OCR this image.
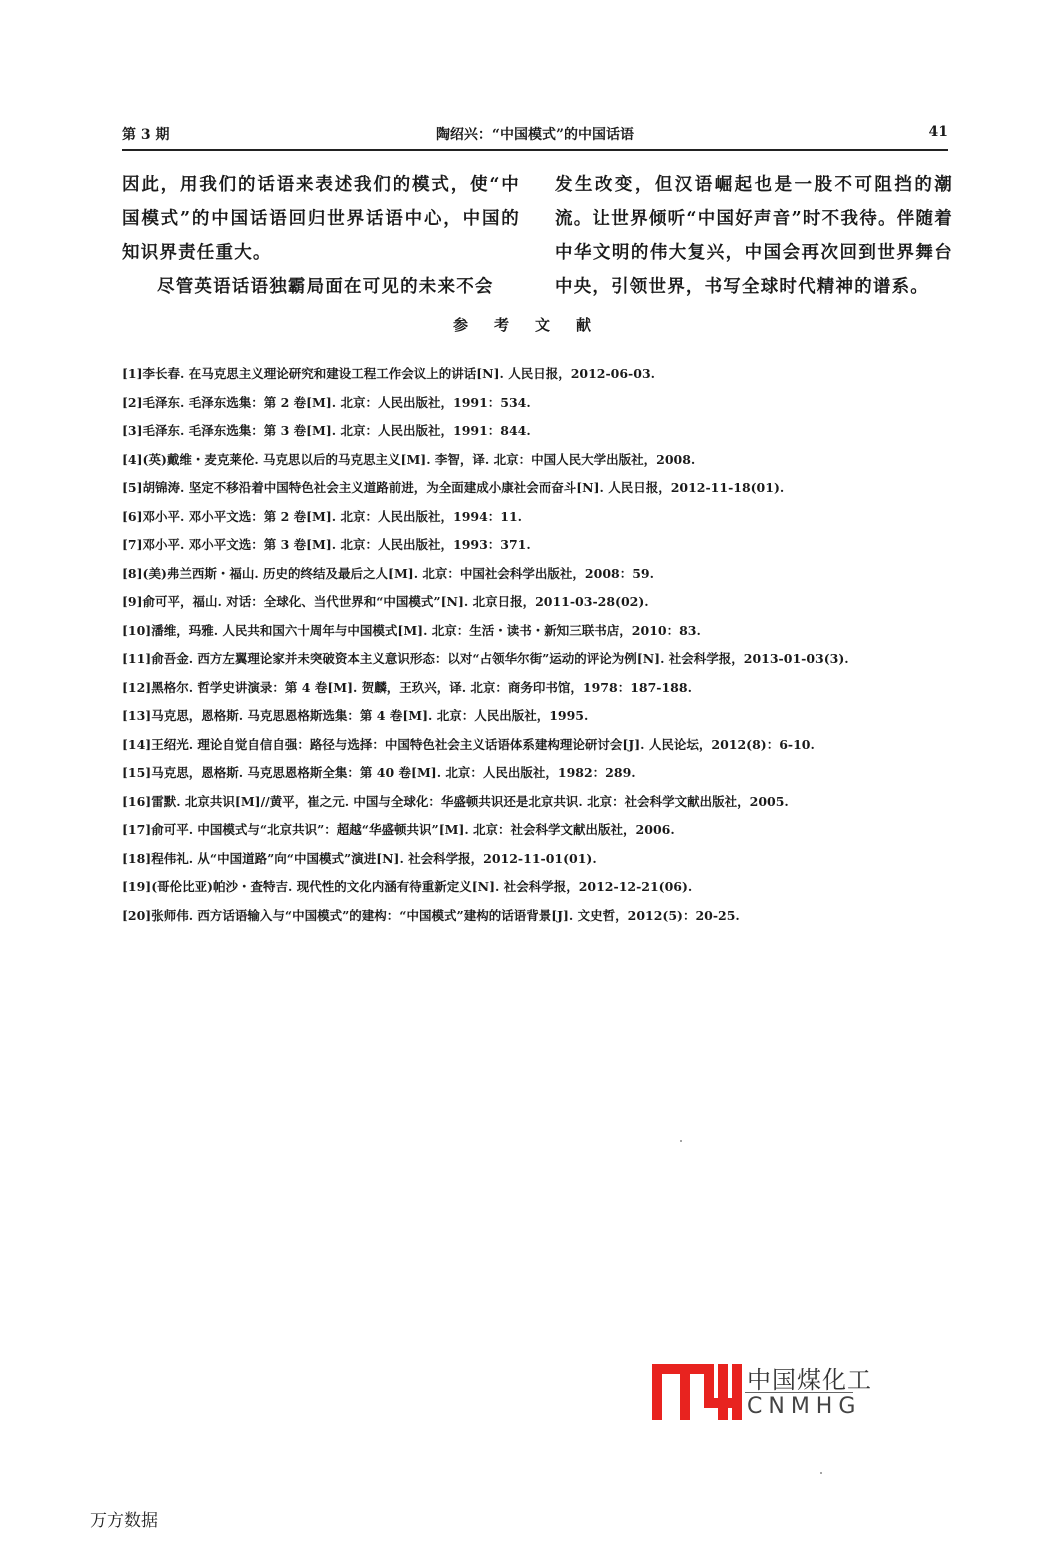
第 3 期	陶绍兴：“中国模式”的中国话语	41

因此，用我们的话语来表述我们的模式，使“中国模式”的中国话语回归世界话语中心，中国的知识界责任重大。

尽管英语话语独霸局面在可见的未来不会

发生改变，但汉语崛起也是一股不可阻挡的潮流。让世界倾听“中国好声音”时不我待。伴随着中华文明的伟大复兴，中国会再次回到世界舞台中央，引领世界，书写全球时代精神的谱系。

参考文献
[1]李长春. 在马克思主义理论研究和建设工程工作会议上的讲话[N]. 人民日报，2012-06-03.
[2]毛泽东. 毛泽东选集：第 2 卷[M]. 北京：人民出版社，1991：534.
[3]毛泽东. 毛泽东选集：第 3 卷[M]. 北京：人民出版社，1991：844.
[4](英)戴维・麦克莱伦. 马克思以后的马克思主义[M]. 李智，译. 北京：中国人民大学出版社，2008.
[5]胡锦涛. 坚定不移沿着中国特色社会主义道路前进，为全面建成小康社会而奋斗[N]. 人民日报，2012-11-18(01).
[6]邓小平. 邓小平文选：第 2 卷[M]. 北京：人民出版社，1994：11.
[7]邓小平. 邓小平文选：第 3 卷[M]. 北京：人民出版社，1993：371.
[8](美)弗兰西斯・福山. 历史的终结及最后之人[M]. 北京：中国社会科学出版社，2008：59.
[9]俞可平，福山. 对话：全球化、当代世界和“中国模式”[N]. 北京日报，2011-03-28(02).
[10]潘维，玛雅. 人民共和国六十周年与中国模式[M]. 北京：生活・读书・新知三联书店，2010：83.
[11]俞吾金. 西方左翼理论家并未突破资本主义意识形态：以对“占领华尔街”运动的评论为例[N]. 社会科学报，2013-01-03(3).
[12]黑格尔. 哲学史讲演录：第 4 卷[M]. 贺麟，王玖兴，译. 北京：商务印书馆，1978：187-188.
[13]马克思，恩格斯. 马克思恩格斯选集：第 4 卷[M]. 北京：人民出版社，1995.
[14]王绍光. 理论自觉自信自强：路径与选择：中国特色社会主义话语体系建构理论研讨会[J]. 人民论坛，2012(8)：6-10.
[15]马克思，恩格斯. 马克思恩格斯全集：第 40 卷[M]. 北京：人民出版社，1982：289.
[16]雷默. 北京共识[M]//黄平，崔之元. 中国与全球化：华盛顿共识还是北京共识. 北京：社会科学文献出版社，2005.
[17]俞可平. 中国模式与“北京共识”：超越“华盛顿共识”[M]. 北京：社会科学文献出版社，2006.
[18]程伟礼. 从“中国道路”向“中国模式”演进[N]. 社会科学报，2012-11-01(01).
[19](哥伦比亚)帕沙・查特吉. 现代性的文化内涵有待重新定义[N]. 社会科学报，2012-12-21(06).
[20]张师伟. 西方话语输入与“中国模式”的建构：“中国模式”建构的话语背景[J]. 文史哲，2012(5)：20-25.
中国煤化工
CNMHG
万方数据
